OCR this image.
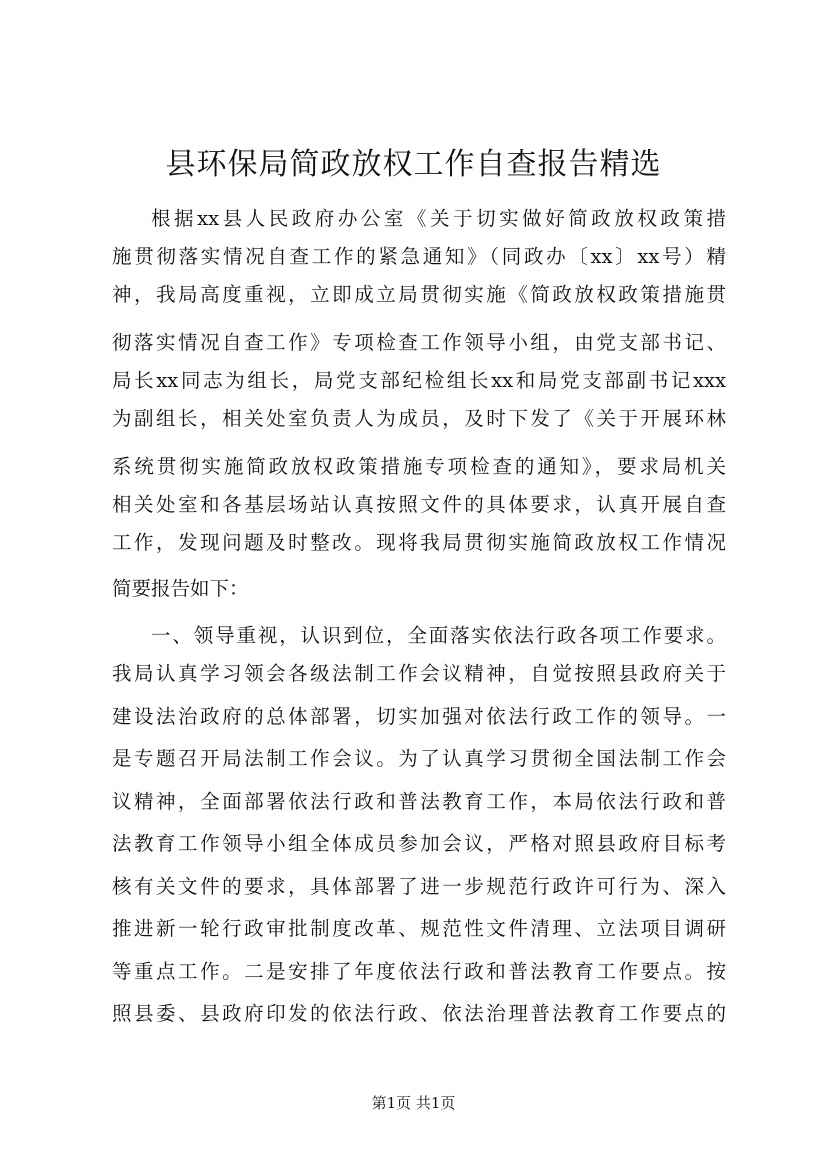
县环保局简政放权工作自查报告精选

根据xx县人民政府办公室《关于切实做好简政放权政策措

施贯彻落实情况自查工作的紧急通知》（同政办〔xx〕xx号）精

神，我局高度重视，立即成立局贯彻实施《简政放权政策措施贯

彻落实情况自查工作》专项检查工作领导小组，由党支部书记、

局长xx同志为组长，局党支部纪检组长xx和局党支部副书记xxx

为副组长，相关处室负责人为成员，及时下发了《关于开展环林

系统贯彻实施简政放权政策措施专项检查的通知》，要求局机关

相关处室和各基层场站认真按照文件的具体要求，认真开展自查

工作，发现问题及时整改。现将我局贯彻实施简政放权工作情况

简要报告如下：

一、领导重视，认识到位，全面落实依法行政各项工作要求。

我局认真学习领会各级法制工作会议精神，自觉按照县政府关于

建设法治政府的总体部署，切实加强对依法行政工作的领导。一

是专题召开局法制工作会议。为了认真学习贯彻全国法制工作会

议精神，全面部署依法行政和普法教育工作，本局依法行政和普

法教育工作领导小组全体成员参加会议，严格对照县政府目标考

核有关文件的要求，具体部署了进一步规范行政许可行为、深入

推进新一轮行政审批制度改革、规范性文件清理、立法项目调研

等重点工作。二是安排了年度依法行政和普法教育工作要点。按

照县委、县政府印发的依法行政、依法治理普法教育工作要点的

第1页 共1页
